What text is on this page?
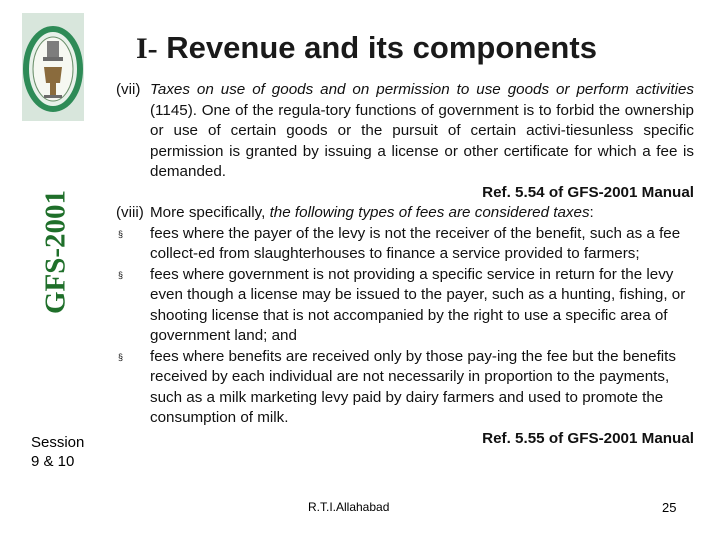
GFS-2001
I- Revenue and its components
(vii) Taxes on use of goods and on permission to use goods or perform activities (1145). One of the regula-tory functions of government is to forbid the ownership or use of certain goods or the pursuit of certain activi-tiesunless specific permission is granted by issuing a license or other certificate for which a fee is demanded.
Ref. 5.54 of GFS-2001 Manual
(viii) More specifically, the following types of fees are considered taxes:
§ fees where the payer of the levy is not the receiver of the benefit, such as a fee collect-ed from slaughterhouses to finance a service provided to farmers;
§ fees where government is not providing a specific service in return for the levy even though a license may be issued to the payer, such as a hunting, fishing, or shooting license that is not accompanied by the right to use a specific area of government land; and
§ fees where benefits are received only by those pay-ing the fee but the benefits received by each individual are not necessarily in proportion to the payments, such as a milk marketing levy paid by dairy farmers and used to promote the consumption of milk.
Ref. 5.55 of GFS-2001 Manual
Session
9 & 10
R.T.I.Allahabad	25
